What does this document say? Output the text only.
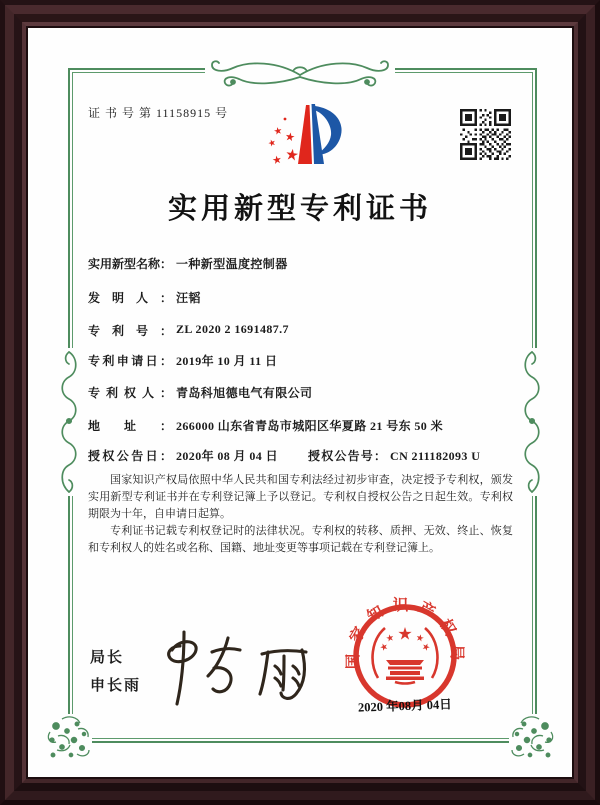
证 书 号 第 11158915 号
实用新型专利证书
实用新型名称： 一种新型温度控制器
发明人： 汪韬
专利号： ZL 2020 2 1691487.7
专利申请日： 2019年 10 月 11 日
专利权人： 青岛科旭德电气有限公司
地址： 266000 山东省青岛市城阳区华夏路 21 号东 50 米
授权公告日： 2020年 08 月 04 日	授权公告号： CN 211182093 U

国家知识产权局依照中华人民共和国专利法经过初步审查，决定授予专利权，颁发实用新型专利证书并在专利登记簿上予以登记。专利权自授权公告之日起生效。专利权期限为十年，自申请日起算。

专利证书记载专利权登记时的法律状况。专利权的转移、质押、无效、终止、恢复和专利权人的姓名或名称、国籍、地址变更等事项记载在专利登记簿上。

局长
申长雨
国家知识产权局
2020 年08月 04日
